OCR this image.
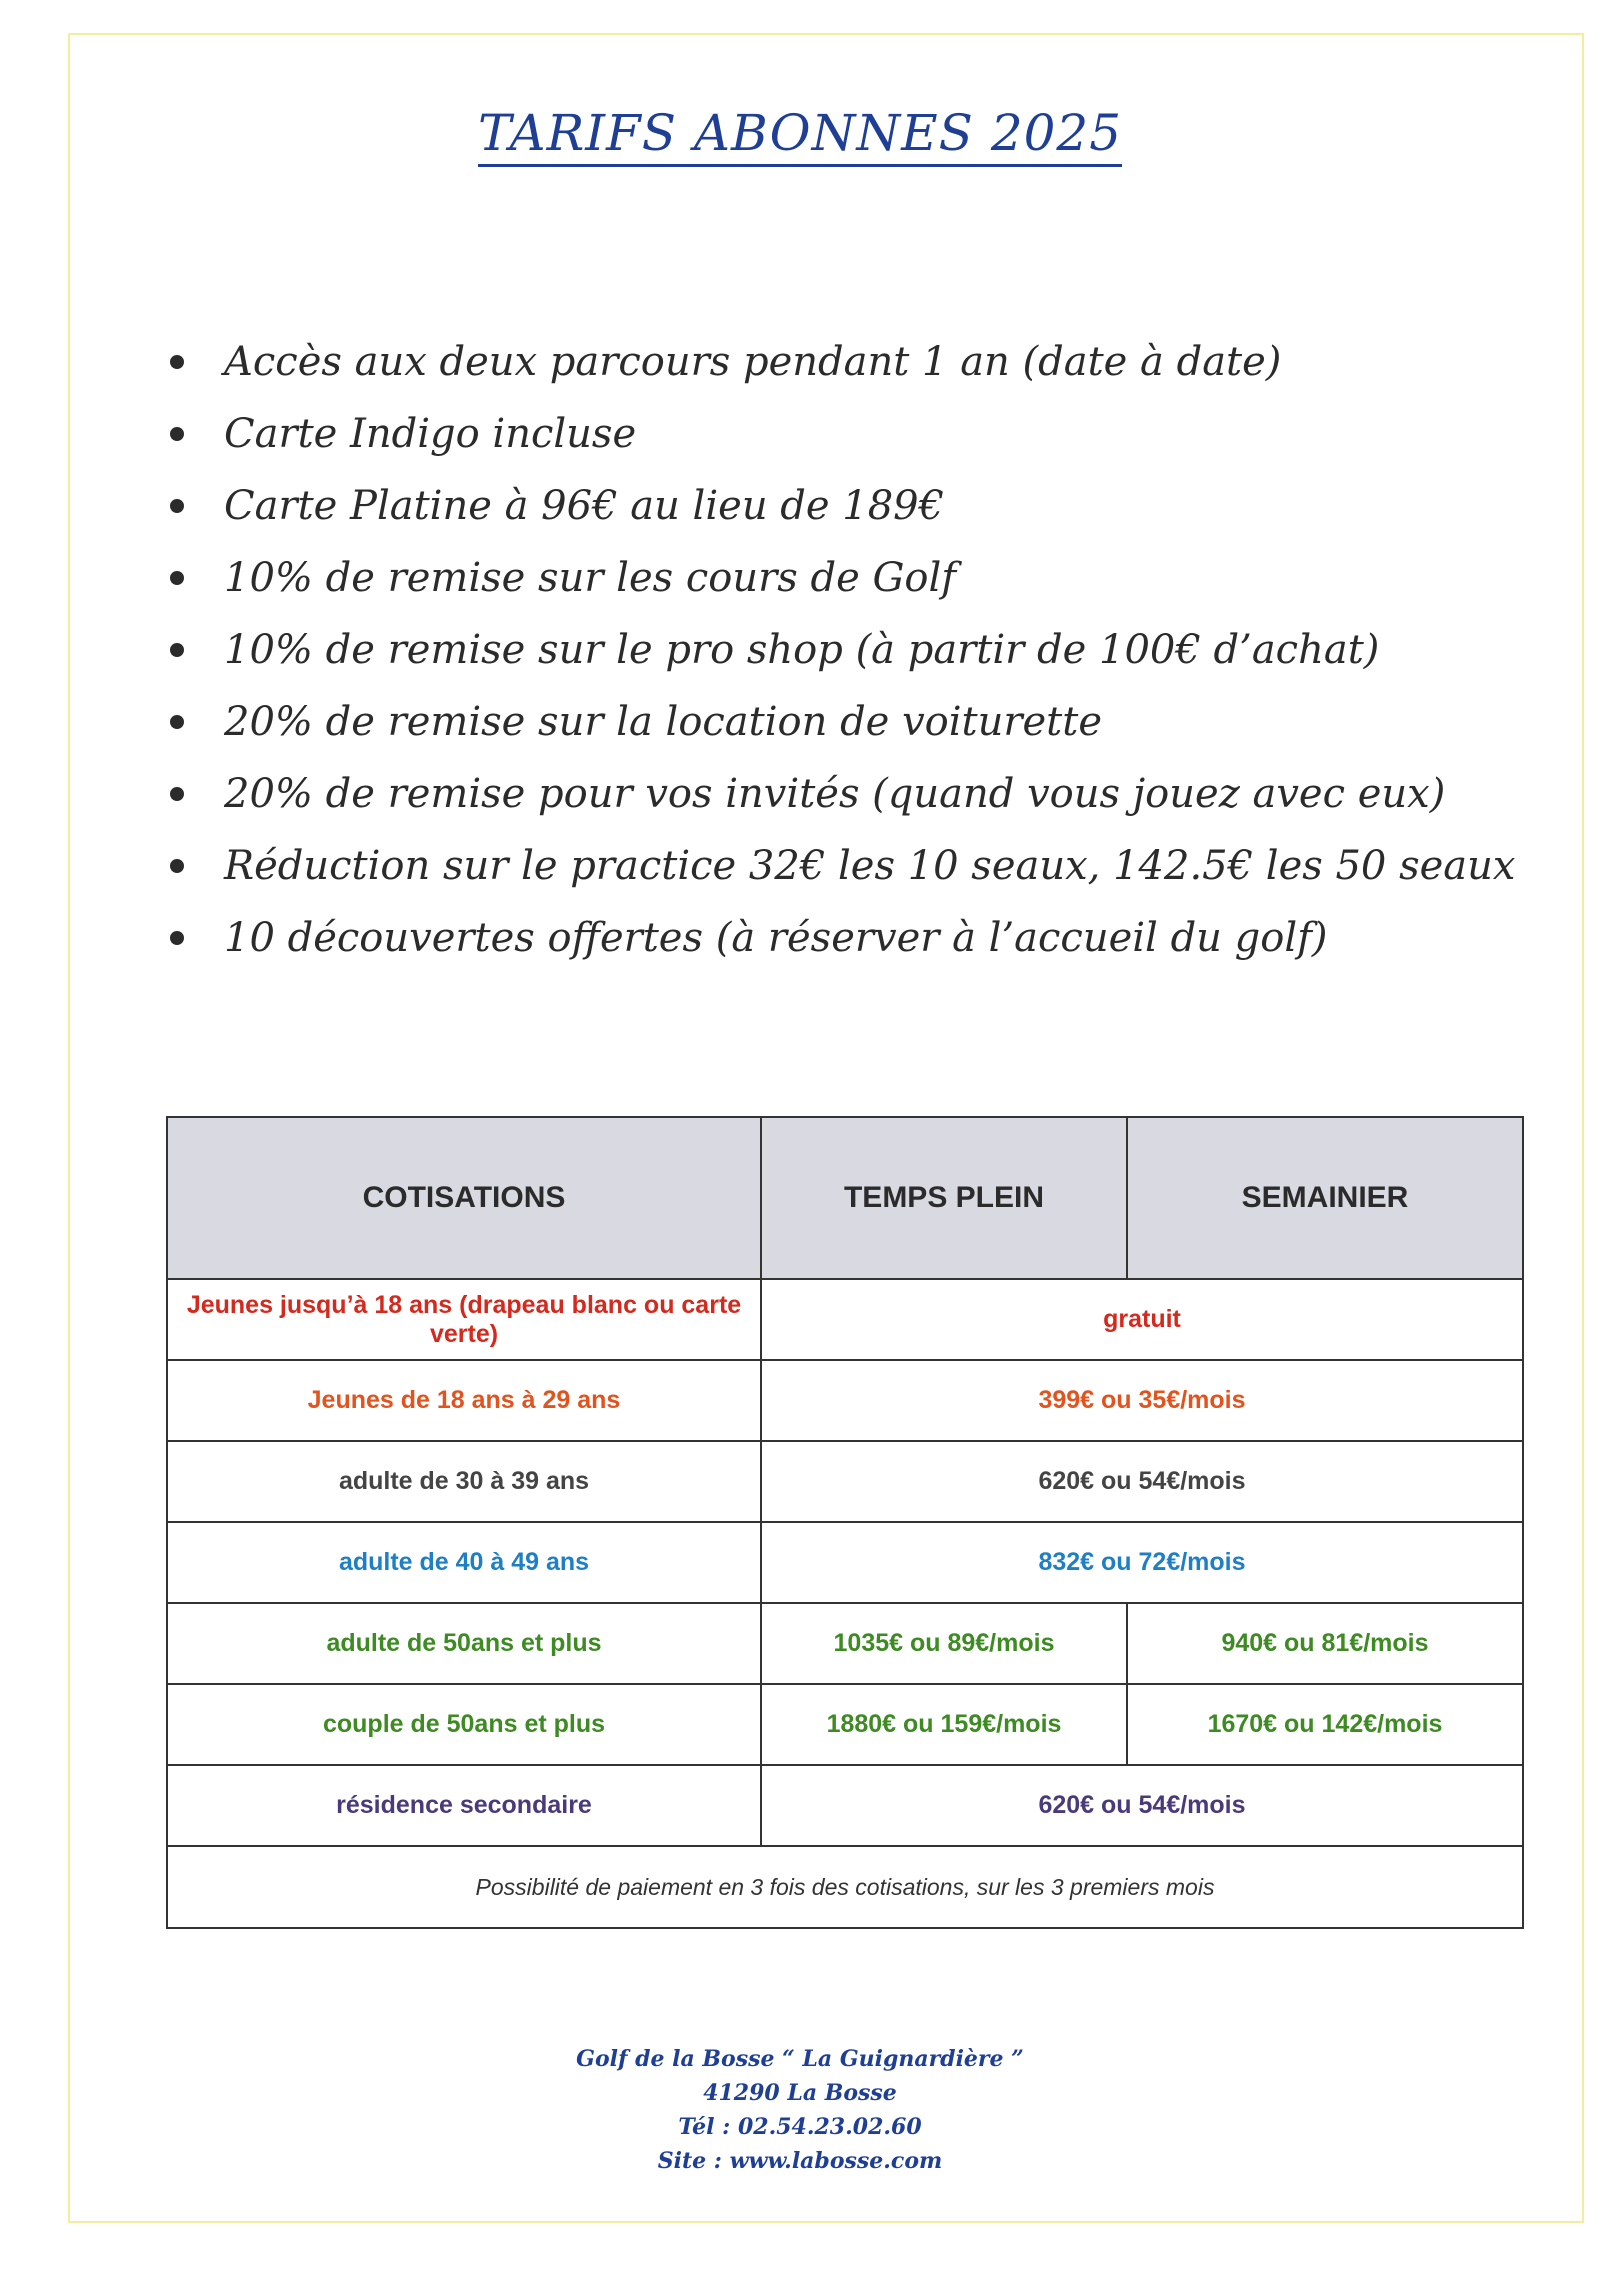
TARIFS ABONNES 2025
Accès aux deux parcours pendant 1 an (date à date)
Carte Indigo incluse
Carte Platine à 96€ au lieu de 189€
10% de remise sur les cours de Golf
10% de remise sur le pro shop (à partir de 100€ d’achat)
20% de remise sur la location de voiturette
20% de remise pour vos invités (quand vous jouez avec eux)
Réduction sur le practice 32€ les 10 seaux, 142.5€ les 50 seaux
10 découvertes offertes (à réserver à l’accueil du golf)
COTISATIONS	TEMPS PLEIN	SEMAINIER
Jeunes jusqu’à 18 ans (drapeau blanc ou carte verte)	gratuit	
Jeunes de 18 ans à 29 ans	399€ ou 35€/mois	
adulte de 30 à 39 ans	620€ ou 54€/mois	
adulte de 40 à 49 ans	832€ ou 72€/mois	
adulte de 50ans et plus	1035€ ou 89€/mois	940€ ou 81€/mois
couple de 50ans et plus	1880€ ou 159€/mois	1670€ ou 142€/mois
résidence secondaire	620€ ou 54€/mois	
Possibilité de paiement en 3 fois des cotisations, sur les 3 premiers mois		
Golf de la Bosse “ La Guignardière ”
41290 La Bosse
Tél : 02.54.23.02.60
Site : www.labosse.com
